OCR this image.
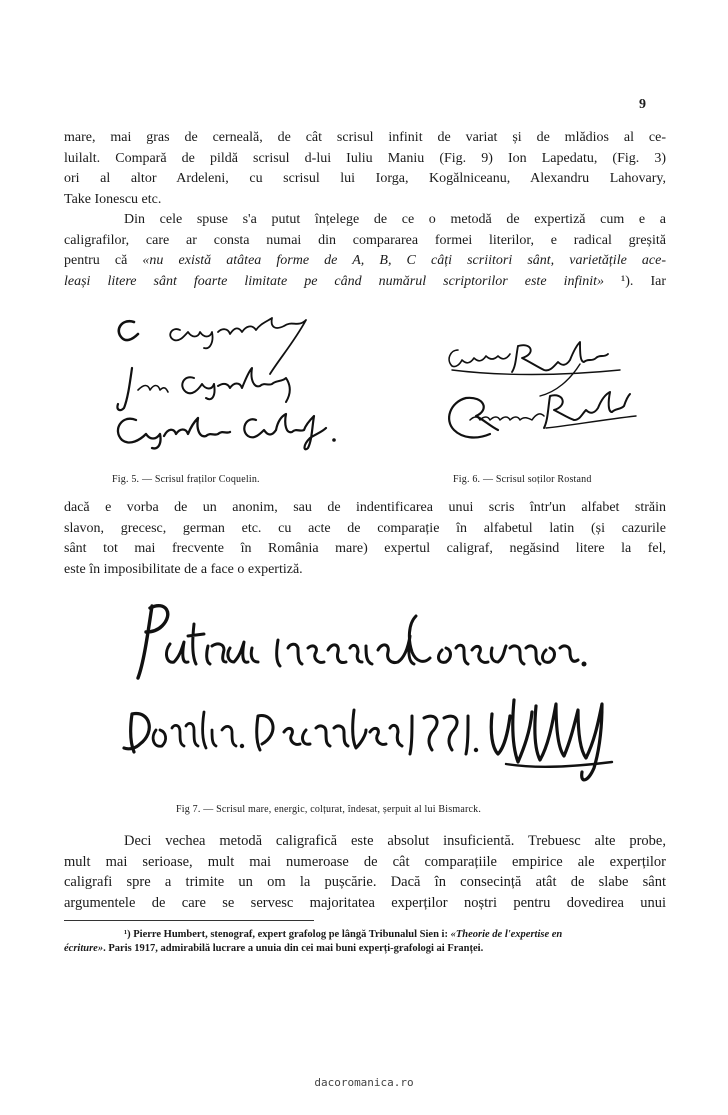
9

mare, mai gras de cerneală, de cât scrisul infinit de variat și de mlădios al ce-
luilalt. Compară de pildă scrisul d-lui Iuliu Maniu (Fig. 9) Ion Lapedatu, (Fig. 3)
ori al altor Ardeleni, cu scrisul lui Iorga, Kogălniceanu, Alexandru Lahovary,
Take Ionescu etc.

Din cele spuse s'a putut înțelege de ce o metodă de expertiză cum e a
caligrafilor, care ar consta numai din compararea formei literilor, e radical greșită
pentru că «nu există atâtea forme de A, B, C câți scriitori sânt, varietățile ace-
leași litere sânt foarte limitate pe când numărul scriptorilor este infinit» ¹). Iar

Fig. 5. — Scrisul fraților Coquelin.	Fig. 6. — Scrisul soților Rostand

dacă e vorba de un anonim, sau de indentificarea unui scris într'un alfabet străin
slavon, grecesc, german etc. cu acte de comparație în alfabetul latin (și cazurile
sânt tot mai frecvente în România mare) expertul caligraf, negăsind litere la fel,
este în imposibilitate de a face o expertiză.

Fig 7. — Scrisul mare, energic, colțurat, îndesat, șerpuit al lui Bismarck.

Deci vechea metodă caligrafică este absolut insuficientă. Trebuesc alte probe,
mult mai serioase, mult mai numeroase de cât comparațiile empirice ale experților
caligrafi spre a trimite un om la pușcărie. Dacă în consecință atât de slabe sânt
argumentele de care se servesc majoritatea experților noștri pentru dovedirea unui

¹) Pierre Humbert, stenograf, expert grafolog pe lângă Tribunalul Sien i: «Theorie de l'expertise en
écriture». Paris 1917, admirabilă lucrare a unuia din cei mai buni experți-grafologi ai Franței.
dacoromanica.ro
